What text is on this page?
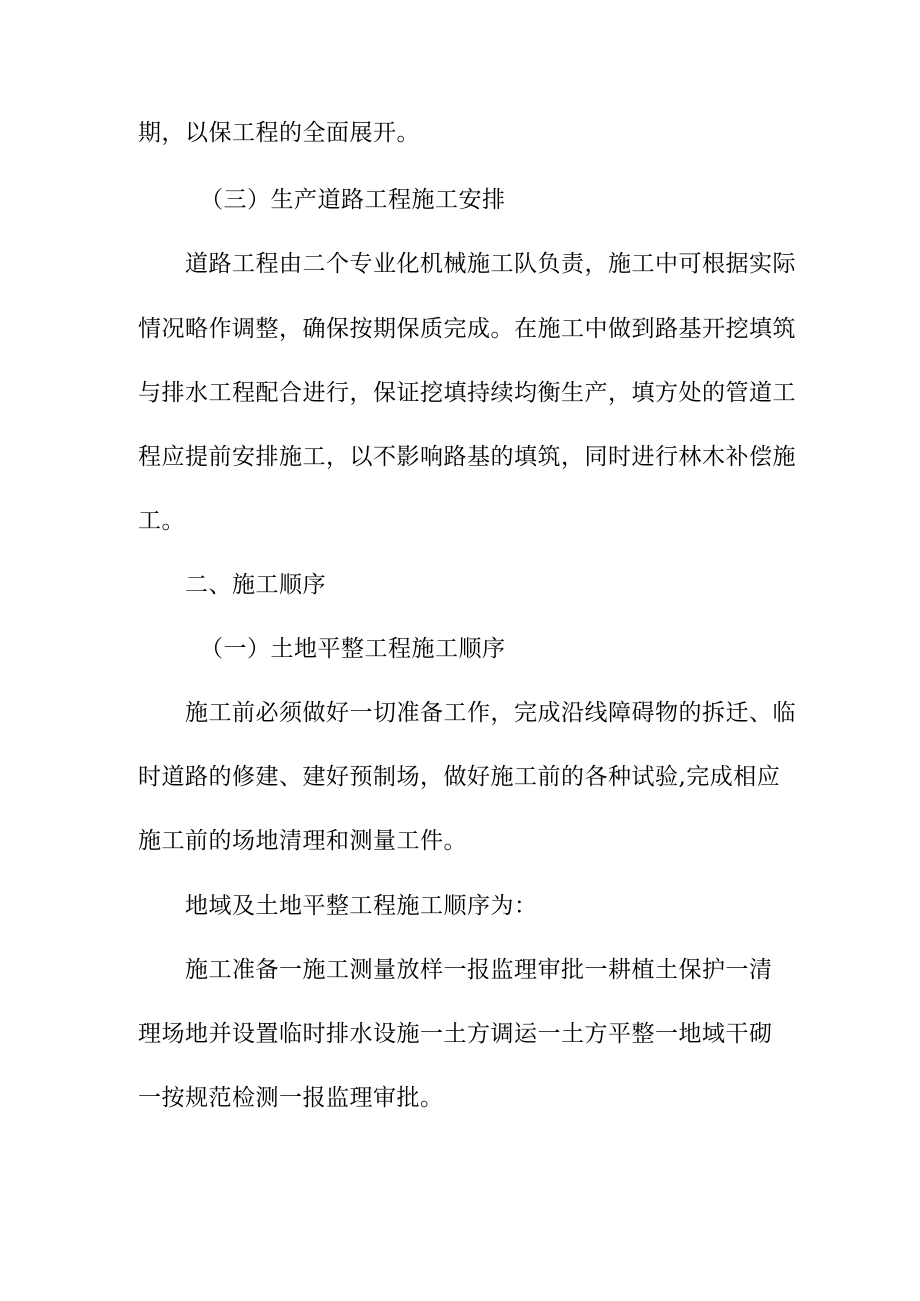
期，以保工程的全面展开。

（三）生产道路工程施工安排

道路工程由二个专业化机械施工队负责，施工中可根据实际

情况略作调整，确保按期保质完成。在施工中做到路基开挖填筑

与排水工程配合进行，保证挖填持续均衡生产，填方处的管道工

程应提前安排施工，以不影响路基的填筑，同时进行林木补偿施

工。

二、施工顺序

（一）土地平整工程施工顺序

施工前必须做好一切准备工作，完成沿线障碍物的拆迁、临

时道路的修建、建好预制场，做好施工前的各种试验,完成相应

施工前的场地清理和测量工件。

地域及土地平整工程施工顺序为：

施工准备一施工测量放样一报监理审批一耕植土保护一清

理场地并设置临时排水设施一土方调运一土方平整一地域干砌

一按规范检测一报监理审批。
